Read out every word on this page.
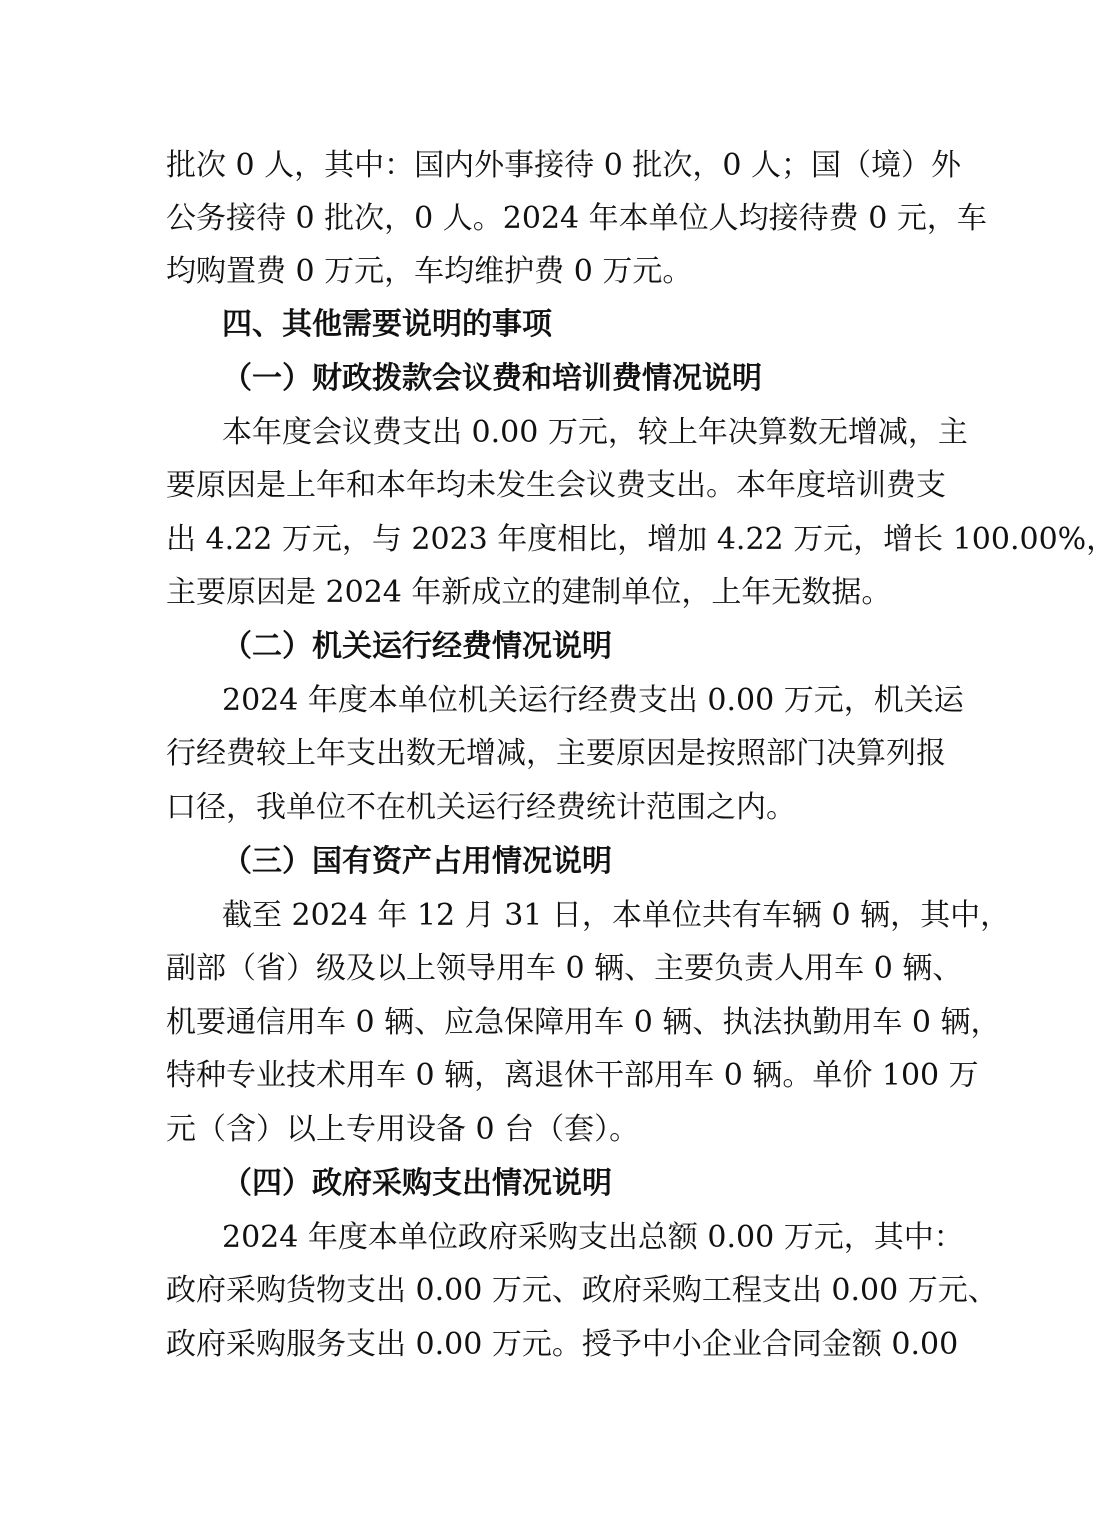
批次 0 人，其中：国内外事接待 0 批次，0 人；国（境）外
公务接待 0 批次，0 人。2024 年本单位人均接待费 0 元，车
均购置费 0 万元，车均维护费 0 万元。
四、其他需要说明的事项
（一）财政拨款会议费和培训费情况说明
本年度会议费支出 0.00 万元，较上年决算数无增减，主
要原因是上年和本年均未发生会议费支出。本年度培训费支
出 4.22 万元，与 2023 年度相比，增加 4.22 万元，增长 100.00%，
主要原因是 2024 年新成立的建制单位，上年无数据。
（二）机关运行经费情况说明
2024 年度本单位机关运行经费支出 0.00 万元，机关运
行经费较上年支出数无增减，主要原因是按照部门决算列报
口径，我单位不在机关运行经费统计范围之内。
（三）国有资产占用情况说明
截至 2024 年 12 月 31 日，本单位共有车辆 0 辆，其中，
副部（省）级及以上领导用车 0 辆、主要负责人用车 0 辆、
机要通信用车 0 辆、应急保障用车 0 辆、执法执勤用车 0 辆，
特种专业技术用车 0 辆，离退休干部用车 0 辆。单价 100 万
元（含）以上专用设备 0 台（套）。
（四）政府采购支出情况说明
2024 年度本单位政府采购支出总额 0.00 万元，其中：
政府采购货物支出 0.00 万元、政府采购工程支出 0.00 万元、
政府采购服务支出 0.00 万元。授予中小企业合同金额 0.00
